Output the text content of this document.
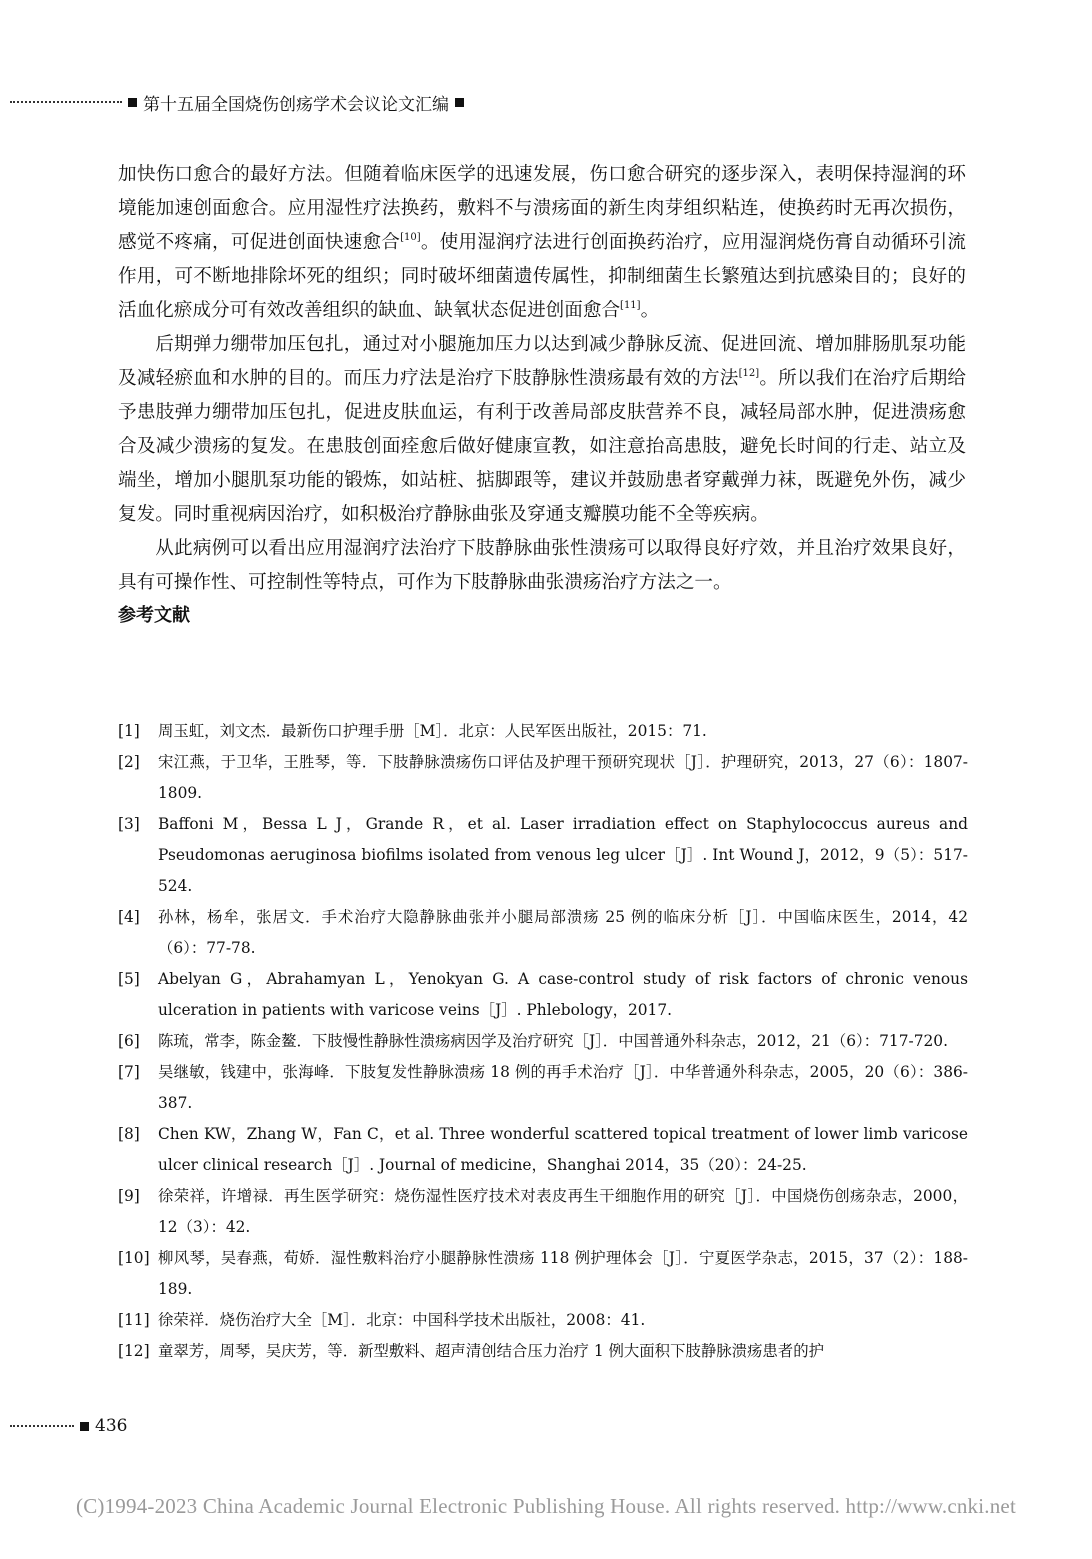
第十五届全国烧伤创疡学术会议论文汇编

加快伤口愈合的最好方法。但随着临床医学的迅速发展，伤口愈合研究的逐步深入，表明保持湿润的环境能加速创面愈合。应用湿性疗法换药，敷料不与溃疡面的新生肉芽组织粘连，使换药时无再次损伤，感觉不疼痛，可促进创面快速愈合[10]。使用湿润疗法进行创面换药治疗，应用湿润烧伤膏自动循环引流作用，可不断地排除坏死的组织；同时破坏细菌遗传属性，抑制细菌生长繁殖达到抗感染目的；良好的活血化瘀成分可有效改善组织的缺血、缺氧状态促进创面愈合[11]。

后期弹力绷带加压包扎，通过对小腿施加压力以达到减少静脉反流、促进回流、增加腓肠肌泵功能及减轻瘀血和水肿的目的。而压力疗法是治疗下肢静脉性溃疡最有效的方法[12]。所以我们在治疗后期给予患肢弹力绷带加压包扎，促进皮肤血运，有利于改善局部皮肤营养不良，减轻局部水肿，促进溃疡愈合及减少溃疡的复发。在患肢创面痊愈后做好健康宣教，如注意抬高患肢，避免长时间的行走、站立及端坐，增加小腿肌泵功能的锻炼，如站桩、掂脚跟等，建议并鼓励患者穿戴弹力袜，既避免外伤，减少复发。同时重视病因治疗，如积极治疗静脉曲张及穿通支瓣膜功能不全等疾病。

从此病例可以看出应用湿润疗法治疗下肢静脉曲张性溃疡可以取得良好疗效，并且治疗效果良好，具有可操作性、可控制性等特点，可作为下肢静脉曲张溃疡治疗方法之一。

参考文献

[1]	周玉虹，刘文杰．最新伤口护理手册［M］．北京：人民军医出版社，2015：71.
[2]	宋江燕，于卫华，王胜琴，等．下肢静脉溃疡伤口评估及护理干预研究现状［J］．护理研究，2013，27（6）：1807-1809.
[3]	Baffoni M，Bessa L J，Grande R，et al. Laser irradiation effect on Staphylococcus aureus and Pseudomonas aeruginosa biofilms isolated from venous leg ulcer［J］. Int Wound J，2012，9（5）：517-524.
[4]	孙林，杨牟，张居文．手术治疗大隐静脉曲张并小腿局部溃疡 25 例的临床分析［J］．中国临床医生，2014，42（6）：77-78.
[5]	Abelyan G，Abrahamyan L，Yenokyan G. A case-control study of risk factors of chronic venous ulceration in patients with varicose veins［J］. Phlebology，2017.
[6]	陈琉，常李，陈金鳌．下肢慢性静脉性溃疡病因学及治疗研究［J］．中国普通外科杂志，2012，21（6）：717-720.
[7]	吴继敏，钱建中，张海峰．下肢复发性静脉溃疡 18 例的再手术治疗［J］．中华普通外科杂志，2005，20（6）：386-387.
[8]	Chen KW，Zhang W，Fan C，et al. Three wonderful scattered topical treatment of lower limb varicose ulcer clinical research［J］. Journal of medicine，Shanghai 2014，35（20）：24-25.
[9]	徐荣祥，许增禄．再生医学研究：烧伤湿性医疗技术对表皮再生干细胞作用的研究［J］．中国烧伤创疡杂志，2000，12（3）：42.
[10] 柳风琴，吴春燕，荀娇．湿性敷料治疗小腿静脉性溃疡 118 例护理体会［J］．宁夏医学杂志，2015，37（2）：188-189.
[11] 徐荣祥．烧伤治疗大全［M］．北京：中国科学技术出版社，2008：41.
[12] 童翠芳，周琴，吴庆芳，等．新型敷料、超声清创结合压力治疗 1 例大面积下肢静脉溃疡患者的护
436
(C)1994-2023 China Academic Journal Electronic Publishing House. All rights reserved. http://www.cnki.net
